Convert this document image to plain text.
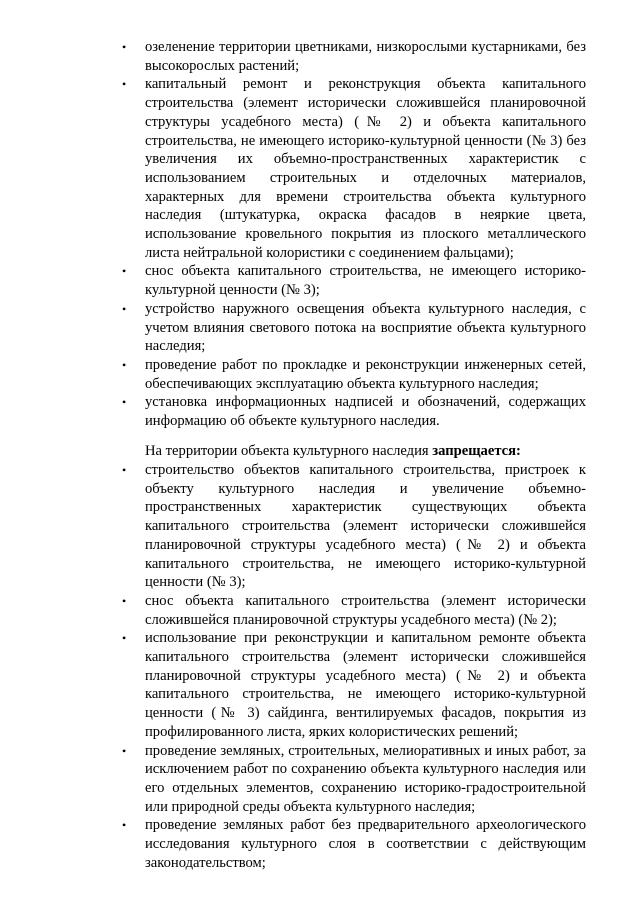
• озеленение территории цветниками, низкорослыми кустарниками, без высокорослых растений;
• капитальный ремонт и реконструкция объекта капитального строительства (элемент исторически сложившейся планировочной структуры усадебного места) (№ 2) и объекта капитального строительства, не имеющего историко-культурной ценности (№ 3) без увеличения их объемно-пространственных характеристик с использованием строительных и отделочных материалов, характерных для времени строительства объекта культурного наследия (штукатурка, окраска фасадов в неяркие цвета, использование кровельного покрытия из плоского металлического листа нейтральной колористики с соединением фальцами);
• снос объекта капитального строительства, не имеющего историко-культурной ценности (№ 3);
• устройство наружного освещения объекта культурного наследия, с учетом влияния светового потока на восприятие объекта культурного наследия;
• проведение работ по прокладке и реконструкции инженерных сетей, обеспечивающих эксплуатацию объекта культурного наследия;
• установка информационных надписей и обозначений, содержащих информацию об объекте культурного наследия.

На территории объекта культурного наследия запрещается:

• строительство объектов капитального строительства, пристроек к объекту культурного наследия и увеличение объемно-пространственных характеристик существующих объекта капитального строительства (элемент исторически сложившейся планировочной структуры усадебного места) (№ 2) и объекта капитального строительства, не имеющего историко-культурной ценности (№ 3);
• снос объекта капитального строительства (элемент исторически сложившейся планировочной структуры усадебного места) (№ 2);
• использование при реконструкции и капитальном ремонте объекта капитального строительства (элемент исторически сложившейся планировочной структуры усадебного места) (№ 2) и объекта капитального строительства, не имеющего историко-культурной ценности (№ 3) сайдинга, вентилируемых фасадов, покрытия из профилированного листа, ярких колористических решений;
• проведение земляных, строительных, мелиоративных и иных работ, за исключением работ по сохранению объекта культурного наследия или его отдельных элементов, сохранению историко-градостроительной или природной среды объекта культурного наследия;
• проведение земляных работ без предварительного археологического исследования культурного слоя в соответствии с действующим законодательством;
